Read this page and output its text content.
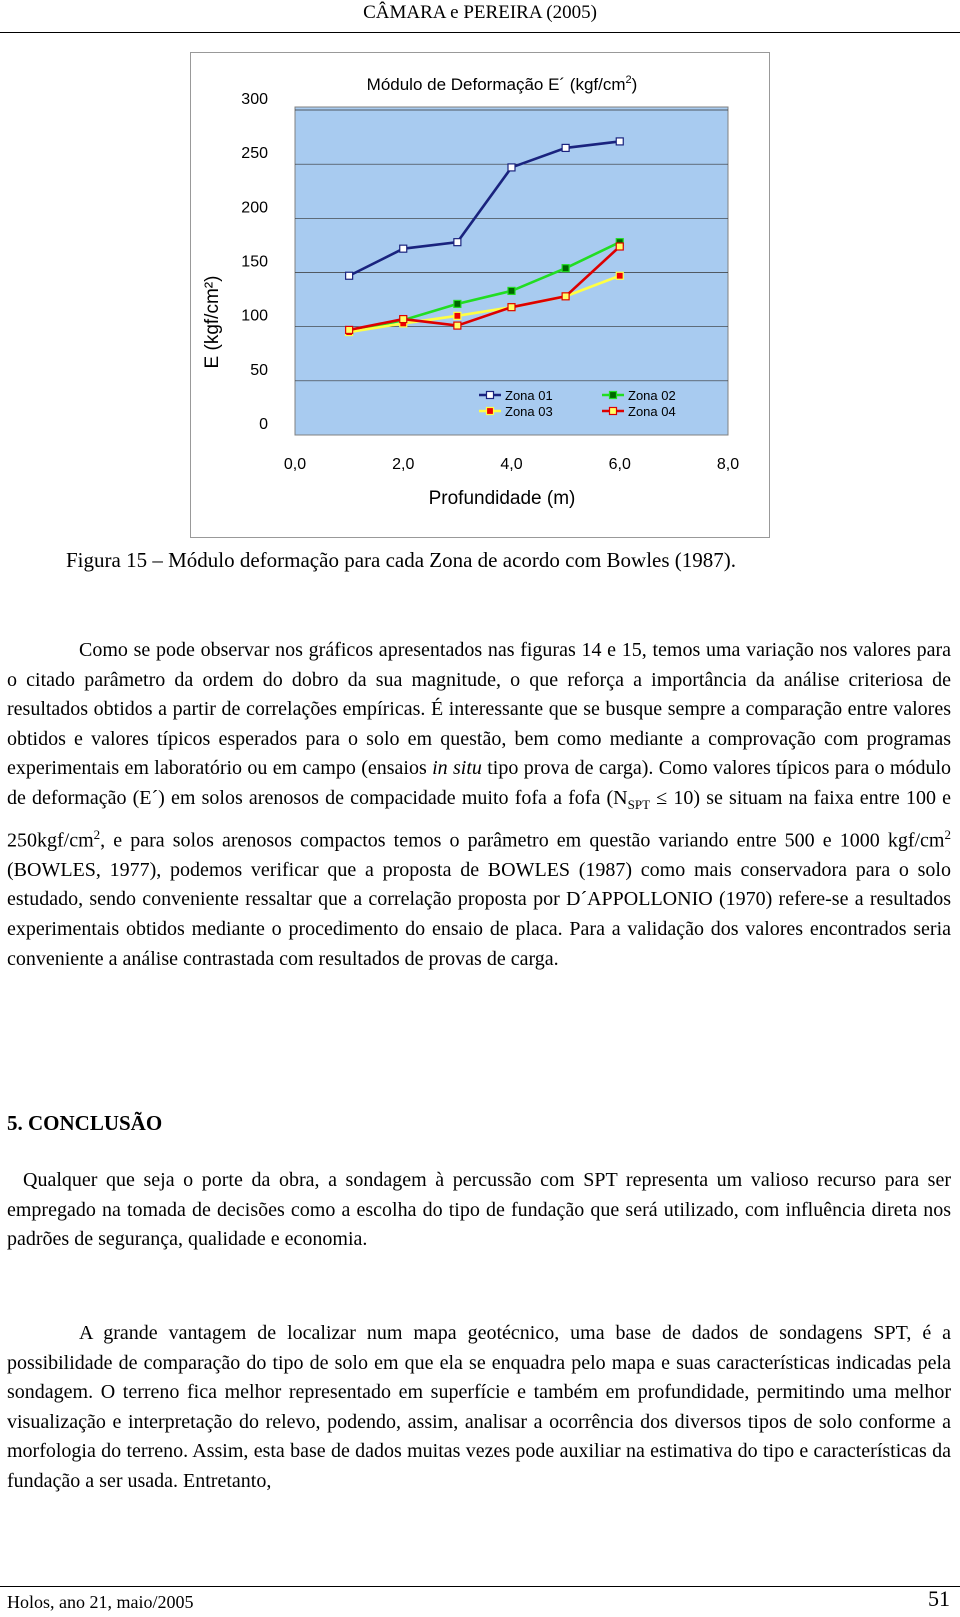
CÂMARA e PEREIRA (2005)
Módulo de Deformação E´ $(kgf/cm^2)$
0
50
100
150
200
250
300
0,0	2,0	4,0	6,0	8,0
Profundidade (m)
E (kgf/cm²)
Zona 01	Zona 02
Zona 03	Zona 04
Figura 15 – Módulo deformação para cada Zona de acordo com Bowles (1987).

Como se pode observar nos gráficos apresentados nas figuras 14 e 15, temos uma variação nos valores para o citado parâmetro da ordem do dobro da sua magnitude, o que reforça a importância da análise criteriosa de resultados obtidos a partir de correlações empíricas. É interessante que se busque sempre a comparação entre valores obtidos e valores típicos esperados para o solo em questão, bem como mediante a comprovação com programas experimentais em laboratório ou em campo (ensaios in situ tipo prova de carga). Como valores típicos para o módulo de deformação (E´) em solos arenosos de compacidade muito fofa a fofa $(N_{SPT} \le 10)$ se situam na faixa entre 100 e $250kgf/cm^2$, e para solos arenosos compactos temos o parâmetro em questão variando entre 500 e 1000 kgf/$cm^2$ (BOWLES, 1977), podemos verificar que a proposta de BOWLES (1987) como mais conservadora para o solo estudado, sendo conveniente ressaltar que a correlação proposta por D´APPOLLONIO (1970) refere-se a resultados experimentais obtidos mediante o procedimento do ensaio de placa. Para a validação dos valores encontrados seria conveniente a análise contrastada com resultados de provas de carga.

5. CONCLUSÃO

Qualquer que seja o porte da obra, a sondagem à percussão com SPT representa um valioso recurso para ser empregado na tomada de decisões como a escolha do tipo de fundação que será utilizado, com influência direta nos padrões de segurança, qualidade e economia.

A grande vantagem de localizar num mapa geotécnico, uma base de dados de sondagens SPT, é a possibilidade de comparação do tipo de solo em que ela se enquadra pelo mapa e suas características indicadas pela sondagem. O terreno fica melhor representado em superfície e também em profundidade, permitindo uma melhor visualização e interpretação do relevo, podendo, assim, analisar a ocorrência dos diversos tipos de solo conforme a morfologia do terreno. Assim, esta base de dados muitas vezes pode auxiliar na estimativa do tipo e características da fundação a ser usada. Entretanto,

Holos, ano 21, maio/2005	51
